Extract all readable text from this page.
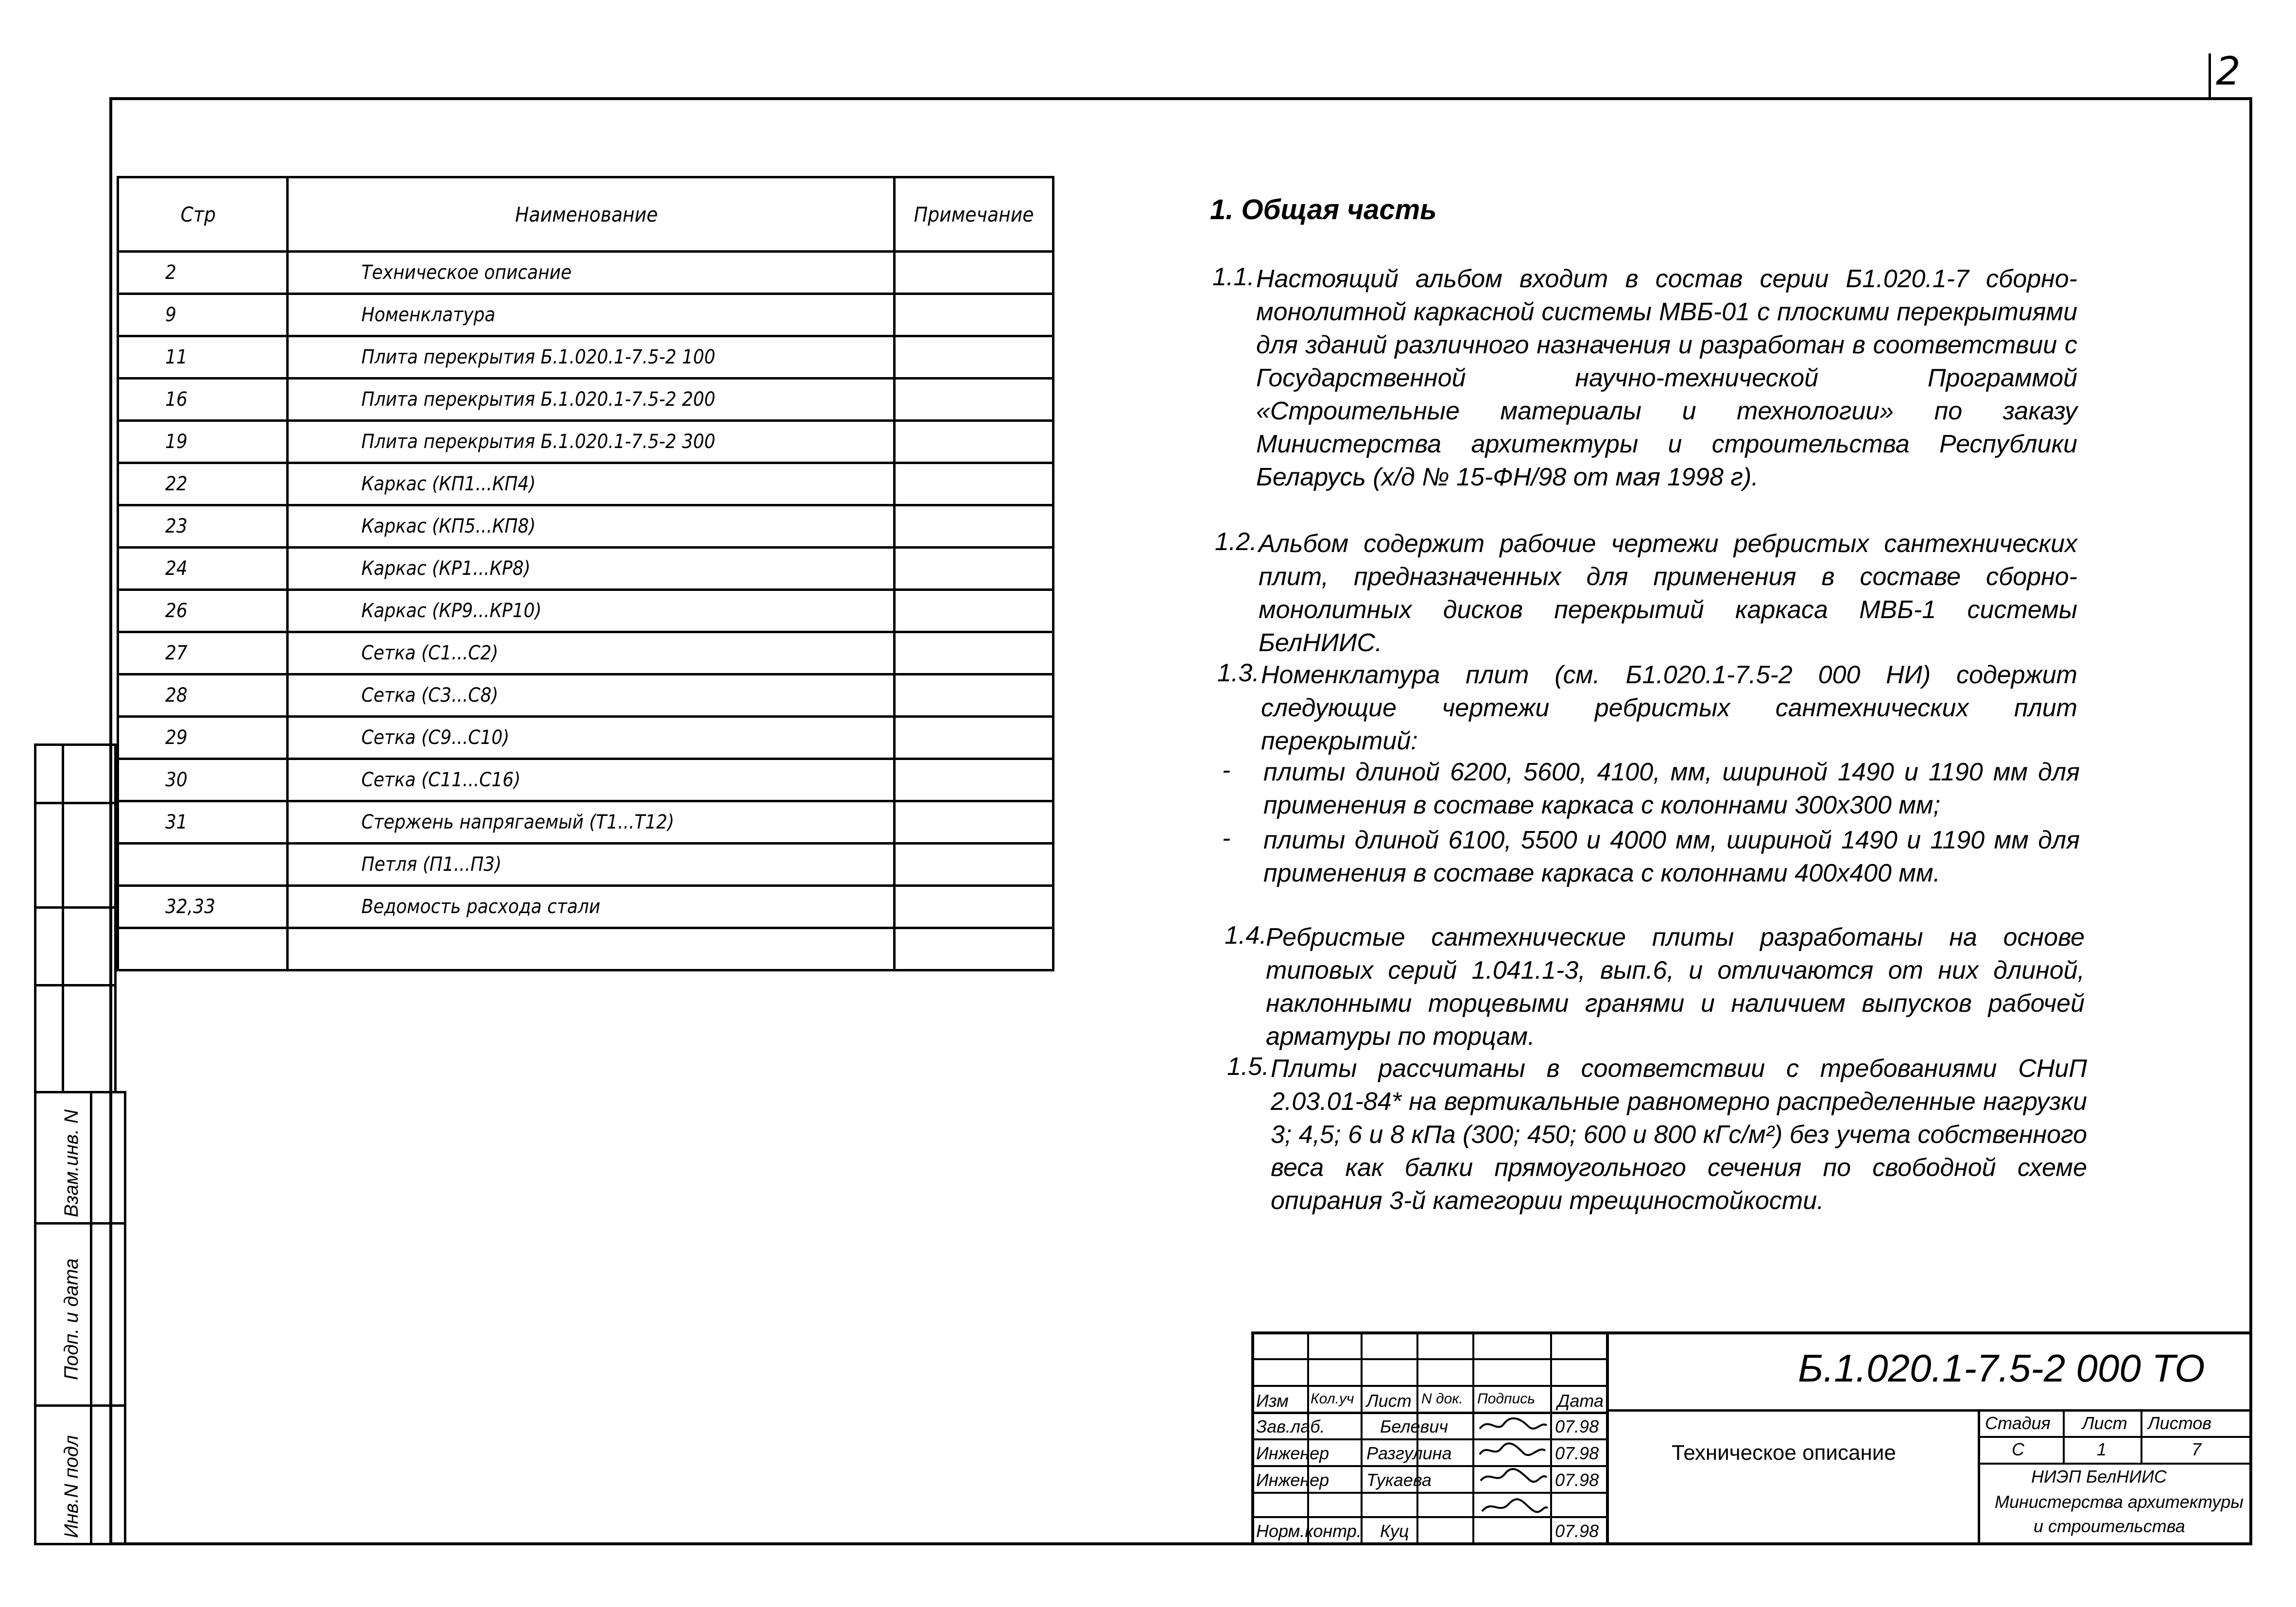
2
Стр	Наименование	Примечание
2	Техническое описание	
9	Номенклатура	
11	Плита перекрытия Б.1.020.1-7.5-2 100	
16	Плита перекрытия Б.1.020.1-7.5-2 200	
19	Плита перекрытия Б.1.020.1-7.5-2 300	
22	Каркас (КП1...КП4)	
23	Каркас (КП5...КП8)	
24	Каркас (КР1...КР8)	
26	Каркас (КР9...КР10)	
27	Сетка (С1...С2)	
28	Сетка (С3...С8)	
29	Сетка (С9...С10)	
30	Сетка (С11...С16)	
31	Стержень напрягаемый (Т1...Т12)	
	Петля (П1...П3)	
32,33	Ведомость расхода стали	

1. Общая часть
1.1. Настоящий альбом входит в состав серии Б1.020.1-7 сборно-монолитной каркасной системы МВБ-01 с плоскими перекрытиями для зданий различного назначения и разработан в соответствии с Государственной научно-технической Программой «Строительные материалы и технологии» по заказу Министерства архитектуры и строительства Республики Беларусь (х/д № 15-ФН/98 от мая 1998 г).
1.2. Альбом содержит рабочие чертежи ребристых сантехнических плит, предназначенных для применения в составе сборно-монолитных дисков перекрытий каркаса МВБ-1 системы БелНИИС.
1.3. Номенклатура плит (см. Б1.020.1-7.5-2 000 НИ) содержит следующие чертежи ребристых сантехнических плит перекрытий:
- плиты длиной 6200, 5600, 4100, мм, шириной 1490 и 1190 мм для применения в составе каркаса с колоннами 300х300 мм;
- плиты длиной 6100, 5500 и 4000 мм, шириной 1490 и 1190 мм для применения в составе каркаса с колоннами 400х400 мм.
1.4.
Ребристые сантехнические плиты разработаны на основе типовых серий 1.041.1-3, вып.6, и отличаются от них длиной, наклонными торцевыми гранями и наличием выпусков рабочей арматуры по торцам.
1.5. Плиты рассчитаны в соответствии с требованиями СНиП 2.03.01-84* на вертикальные равномерно распределенные нагрузки 3; 4,5; 6 и 8 кПа (300; 450; 600 и 800 кГс/м²) без учета собственного веса как балки прямоугольного сечения по свободной схеме опирания 3-й категории трещиностойкости.
Взам.инв. N
Подп. и дата
Инв.N подл
Б.1.020.1-7.5-2 000 ТО
Техническое описание
Изм Кол.уч Лист N док. Подпись Дата
Зав.лаб.	Белевич	07.98
Инженер Разгулина	07.98
Инженер Тукаева	07.98
Норм.контр. Куц	07.98
Стадия Лист Листов
С	1	7
НИЭП БелНИИС
Министерства архитектуры
и строительства
